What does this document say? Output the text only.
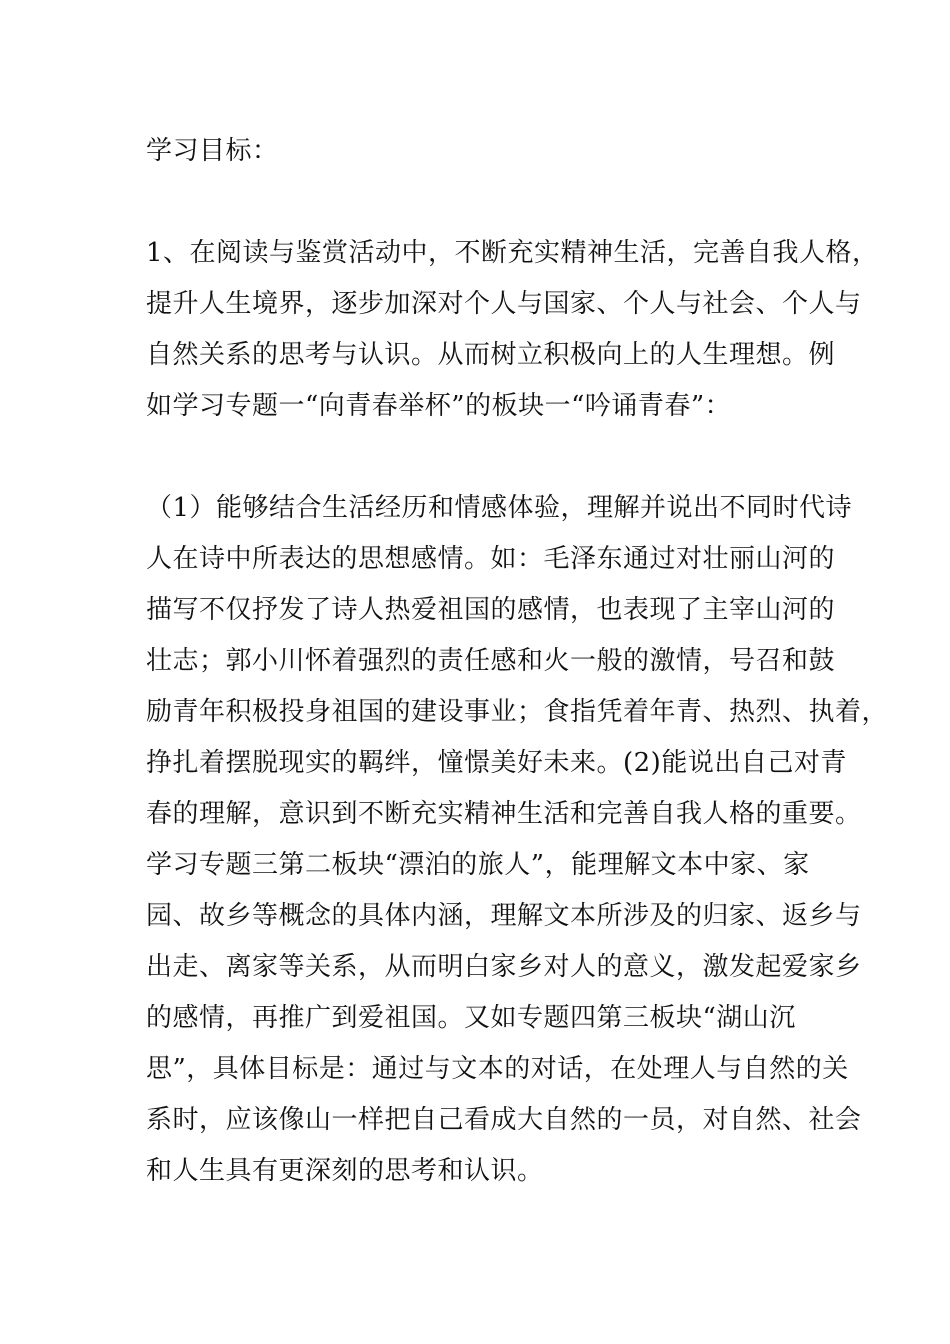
学习目标：
1、在阅读与鉴赏活动中，不断充实精神生活，完善自我人格，
提升人生境界，逐步加深对个人与国家、个人与社会、个人与
自然关系的思考与认识。从而树立积极向上的人生理想。例
如学习专题一“向青春举杯”的板块一“吟诵青春”：
（1）能够结合生活经历和情感体验，理解并说出不同时代诗
人在诗中所表达的思想感情。如：毛泽东通过对壮丽山河的
描写不仅抒发了诗人热爱祖国的感情，也表现了主宰山河的
壮志；郭小川怀着强烈的责任感和火一般的激情，号召和鼓
励青年积极投身祖国的建设事业；食指凭着年青、热烈、执着，
挣扎着摆脱现实的羁绊，憧憬美好未来。(2)能说出自己对青
春的理解，意识到不断充实精神生活和完善自我人格的重要。
学习专题三第二板块“漂泊的旅人”，能理解文本中家、家
园、故乡等概念的具体内涵，理解文本所涉及的归家、返乡与
出走、离家等关系，从而明白家乡对人的意义，激发起爱家乡
的感情，再推广到爱祖国。又如专题四第三板块“湖山沉
思”，具体目标是：通过与文本的对话，在处理人与自然的关
系时，应该像山一样把自己看成大自然的一员，对自然、社会
和人生具有更深刻的思考和认识。
